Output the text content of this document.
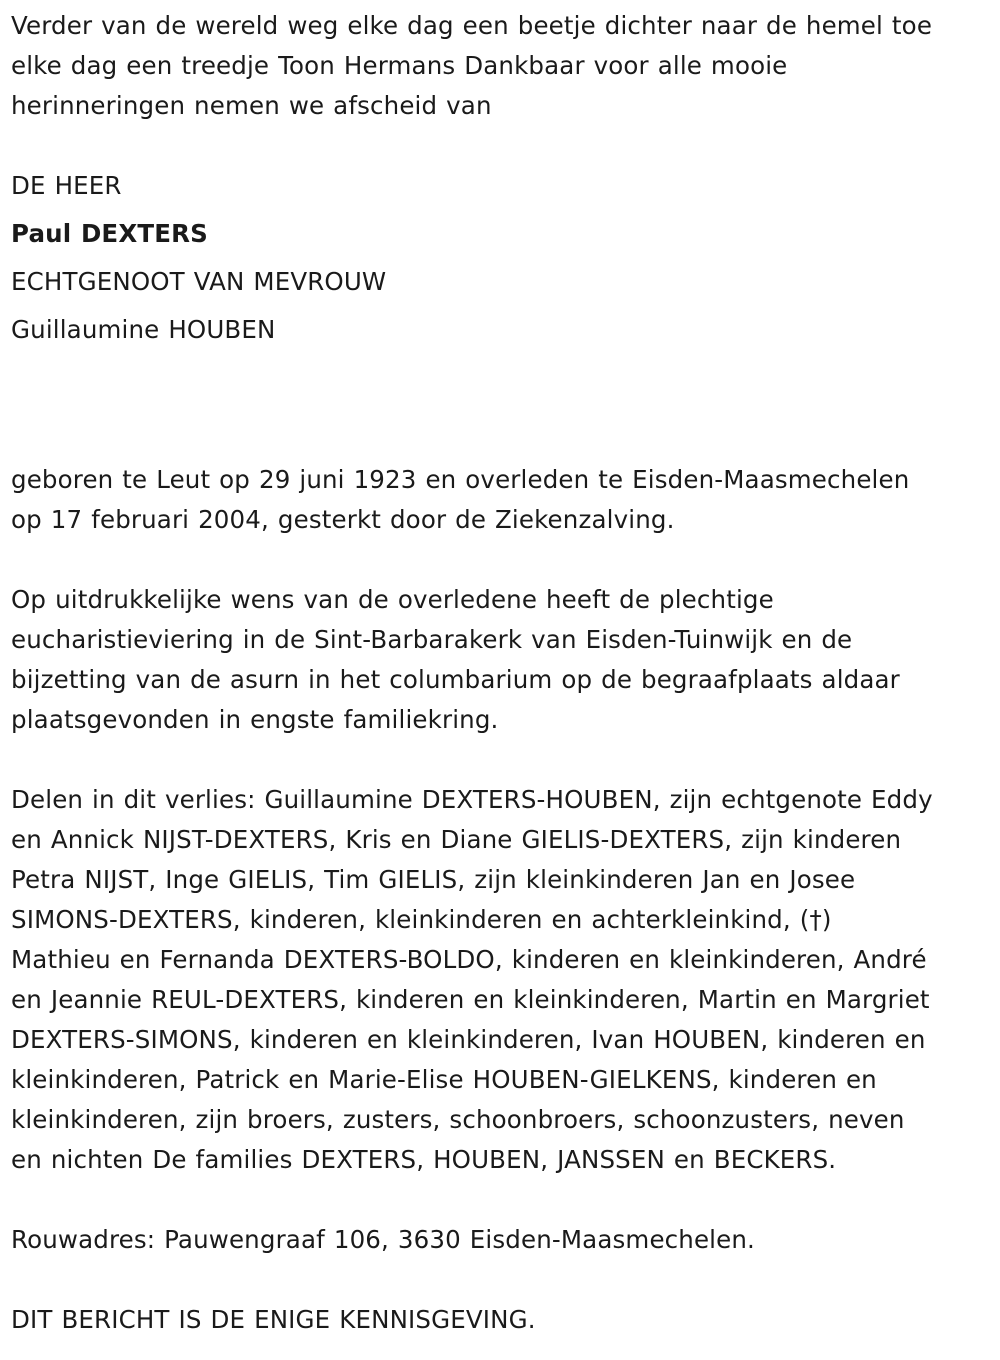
Verder van de wereld weg elke dag een beetje dichter naar de hemel toe
elke dag een treedje Toon Hermans Dankbaar voor alle mooie
herinneringen nemen we afscheid van
DE HEER
Paul DEXTERS
ECHTGENOOT VAN MEVROUW
Guillaumine HOUBEN
geboren te Leut op 29 juni 1923 en overleden te Eisden-Maasmechelen
op 17 februari 2004, gesterkt door de Ziekenzalving.
Op uitdrukkelijke wens van de overledene heeft de plechtige
eucharistieviering in de Sint-Barbarakerk van Eisden-Tuinwijk en de
bijzetting van de asurn in het columbarium op de begraafplaats aldaar
plaatsgevonden in engste familiekring.
Delen in dit verlies: Guillaumine DEXTERS-HOUBEN, zijn echtgenote Eddy
en Annick NIJST-DEXTERS, Kris en Diane GIELIS-DEXTERS, zijn kinderen
Petra NIJST, Inge GIELIS, Tim GIELIS, zijn kleinkinderen Jan en Josee
SIMONS-DEXTERS, kinderen, kleinkinderen en achterkleinkind, (†)
Mathieu en Fernanda DEXTERS-BOLDO, kinderen en kleinkinderen, André
en Jeannie REUL-DEXTERS, kinderen en kleinkinderen, Martin en Margriet
DEXTERS-SIMONS, kinderen en kleinkinderen, Ivan HOUBEN, kinderen en
kleinkinderen, Patrick en Marie-Elise HOUBEN-GIELKENS, kinderen en
kleinkinderen, zijn broers, zusters, schoonbroers, schoonzusters, neven
en nichten De families DEXTERS, HOUBEN, JANSSEN en BECKERS.
Rouwadres: Pauwengraaf 106, 3630 Eisden-Maasmechelen.
DIT BERICHT IS DE ENIGE KENNISGEVING.
